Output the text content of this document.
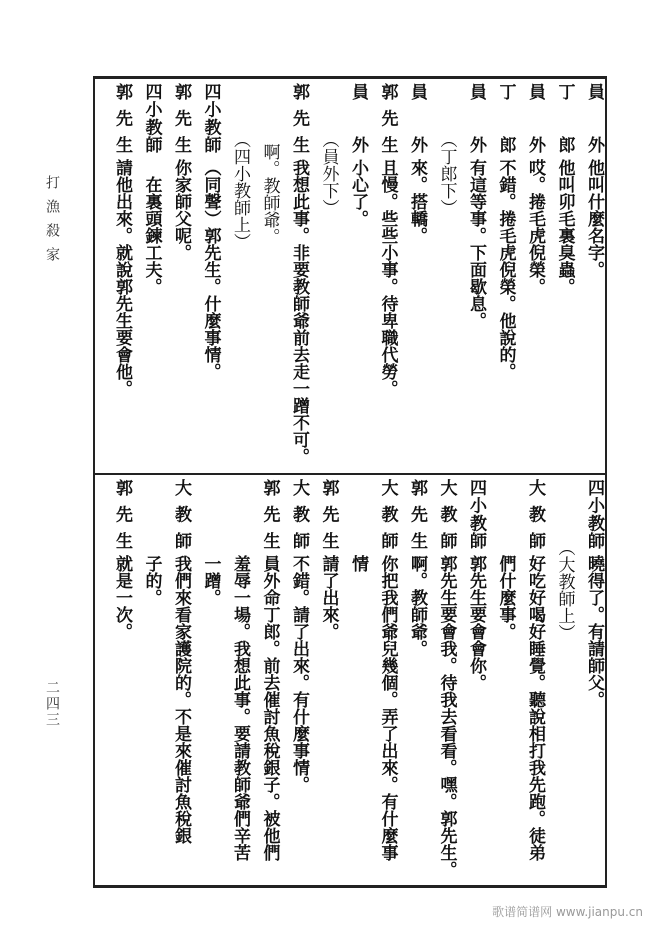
打漁殺家
二四三
員外
他叫什麼名字。
丁郎
他叫卯毛裏臭蟲。
員外
哎。捲毛虎倪榮。
丁郎
不錯。捲毛虎倪榮。他說的。
員外
有這等事。下面歇息。
（丁郎下）
員外
來。搭轎。
郭先生
且慢。些些小事。待卑職代勞。
員外
小心了。
（員外下）
郭先生
我想此事。非要教師爺前去走一蹭不可。
啊。教師爺。
（四小教師上）
四小教師
（同聲）郭先生。什麼事情。
郭先生
你家師父呢。
四小教師
　在裏頭鍊工夫。
郭先生
請他出來。就說郭先生要會他。
四小教師
曉得了。有請師父。
（大教師上）
大教師
好吃好喝好睡覺。聽說相打我先跑。徒弟
們什麼事。
四小教師
郭先生要會會你。
大教師
郭先生要會我。待我去看看。嘿。郭先生。
郭先生
啊。教師爺。
大教師
你把我們爺兒幾個。弄了出來。有什麼事
情
郭先生
請了出來。
大教師
不錯。請了出來。有什麼事情。
郭先生
員外命丁郎。前去催討魚稅銀子。被他們
羞辱一場。我想此事。要請教師爺們辛苦
一蹭。
大教師
我們來看家護院的。不是來催討魚稅銀
子的。
郭先生
就是一次。
歌谱简谱网 www.jianpu.cn
